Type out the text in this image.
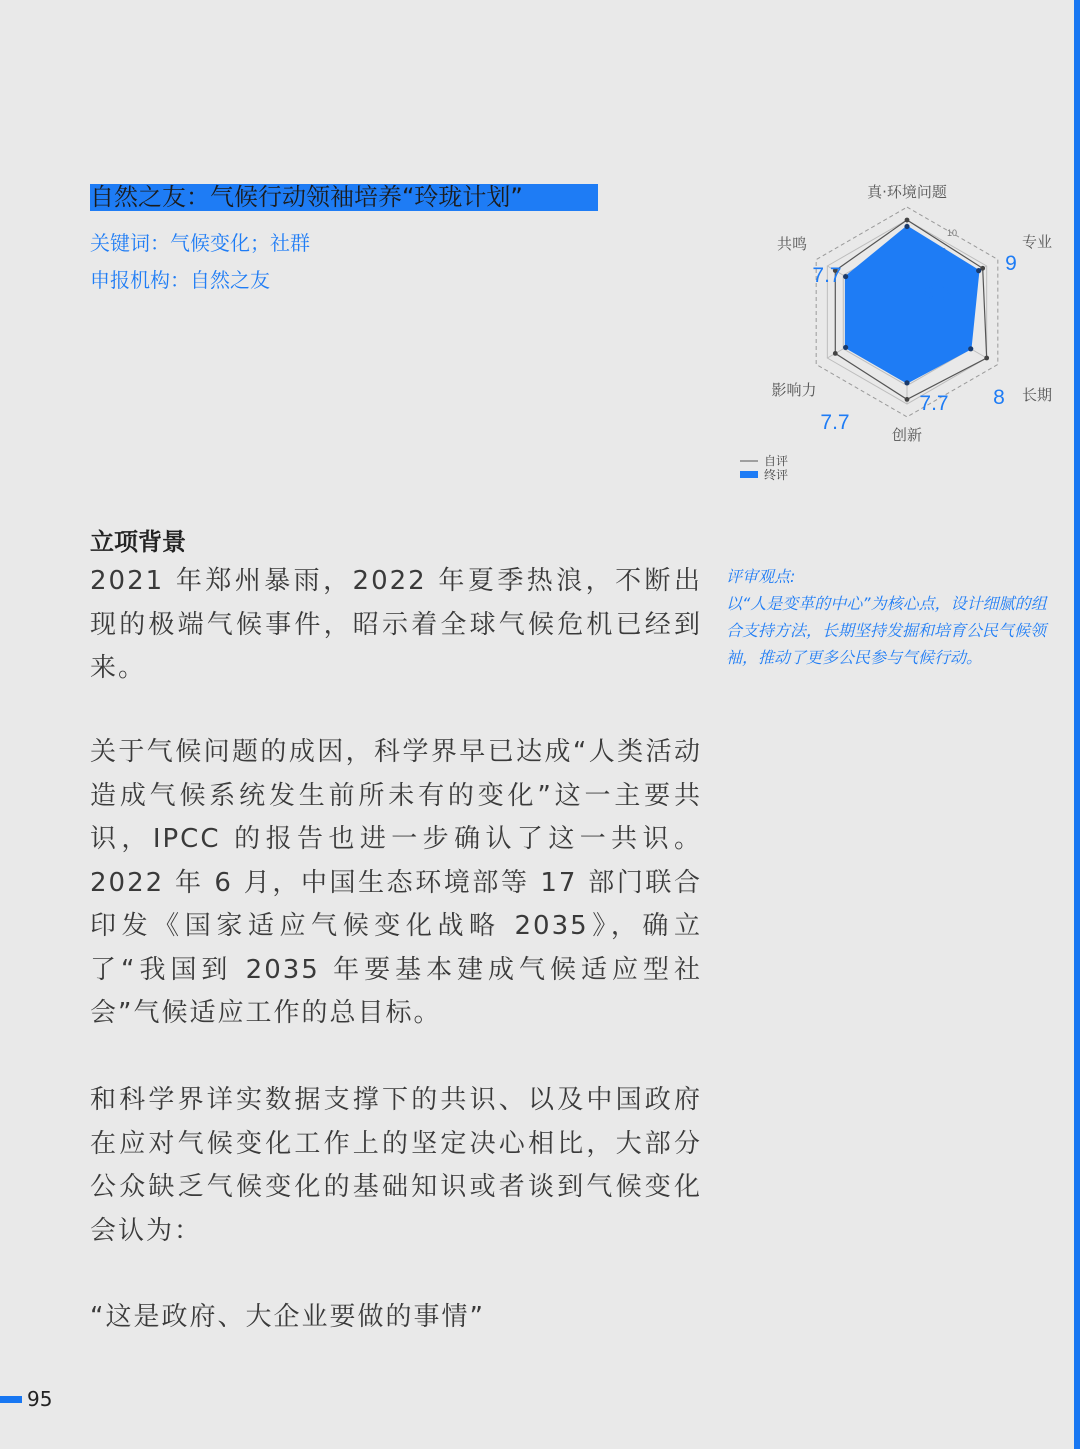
自然之友：气候行动领袖培养“玲珑计划”
关键词：气候变化；社群
申报机构：自然之友
10
真·环境问题
专业
长期
创新
影响力
共鸣
9.3
9
8
7.7
7.7
7.7
自评
终评
立项背景

2021 年郑州暴雨，2022 年夏季热浪，不断出现的极端气候事件，昭示着全球气候危机已经到来。

关于气候问题的成因，科学界早已达成“人类活动造成气候系统发生前所未有的变化”这一主要共识，IPCC 的报告也进一步确认了这一共识。2022 年 6 月，中国生态环境部等 17 部门联合印发《国家适应气候变化战略 2035》，确立了“我国到 2035 年要基本建成气候适应型社会”气候适应工作的总目标。

和科学界详实数据支撑下的共识、以及中国政府在应对气候变化工作上的坚定决心相比，大部分公众缺乏气候变化的基础知识或者谈到气候变化会认为：

“这是政府、大企业要做的事情”

评审观点:

以“人是变革的中心”为核心点，设计细腻的组合支持方法，长期坚持发掘和培育公民气候领袖，推动了更多公民参与气候行动。

95
